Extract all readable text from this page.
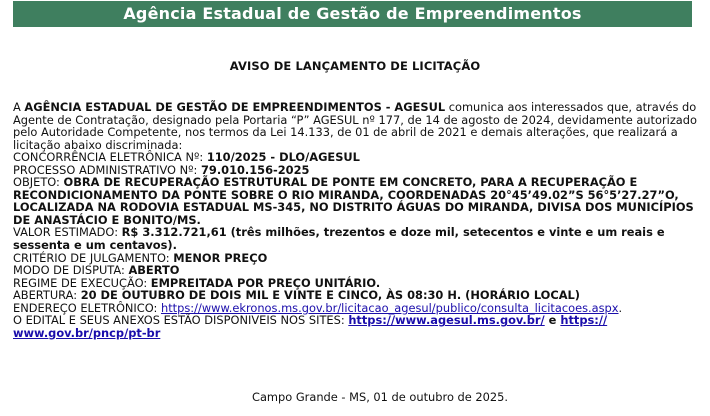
Agência Estadual de Gestão de Empreendimentos
AVISO DE LANÇAMENTO DE LICITAÇÃO

A AGÊNCIA ESTADUAL DE GESTÃO DE EMPREENDIMENTOS - AGESUL comunica aos interessados que, através do Agente de Contratação, designado pela Portaria “P” AGESUL nº 177, de 14 de agosto de 2024, devidamente autorizado pelo Autoridade Competente, nos termos da Lei 14.133, de 01 de abril de 2021 e demais alterações, que realizará a licitação abaixo discriminada:

CONCORRÊNCIA ELETRÔNICA Nº: 110/2025 - DLO/AGESUL

PROCESSO ADMINISTRATIVO Nº: 79.010.156-2025

OBJETO: OBRA DE RECUPERAÇÃO ESTRUTURAL DE PONTE EM CONCRETO, PARA A RECUPERAÇÃO E RECONDICIONAMENTO DA PONTE SOBRE O RIO MIRANDA, COORDENADAS 20°45’49.02”S 56°5’27.27”O, LOCALIZADA NA RODOVIA ESTADUAL MS-345, NO DISTRITO ÁGUAS DO MIRANDA, DIVISA DOS MUNICÍPIOS DE ANASTÁCIO E BONITO/MS.

VALOR ESTIMADO: R$ 3.312.721,61 (três milhões, trezentos e doze mil, setecentos e vinte e um reais e sessenta e um centavos).

CRITÉRIO DE JULGAMENTO: MENOR PREÇO

MODO DE DISPUTA: ABERTO

REGIME DE EXECUÇÃO: EMPREITADA POR PREÇO UNITÁRIO.

ABERTURA: 20 DE OUTUBRO DE DOIS MIL E VINTE E CINCO, ÀS 08:30 H. (HORÁRIO LOCAL)

ENDEREÇO ELETRÔNICO: https://www.ekronos.ms.gov.br/licitacao_agesul/publico/consulta_licitacoes.aspx.

O EDITAL E SEUS ANEXOS ESTÃO DISPONIVEIS NOS SITES: https://www.agesul.ms.gov.br/ e https:// www.gov.br/pncp/pt-br

Campo Grande - MS, 01 de outubro de 2025.
